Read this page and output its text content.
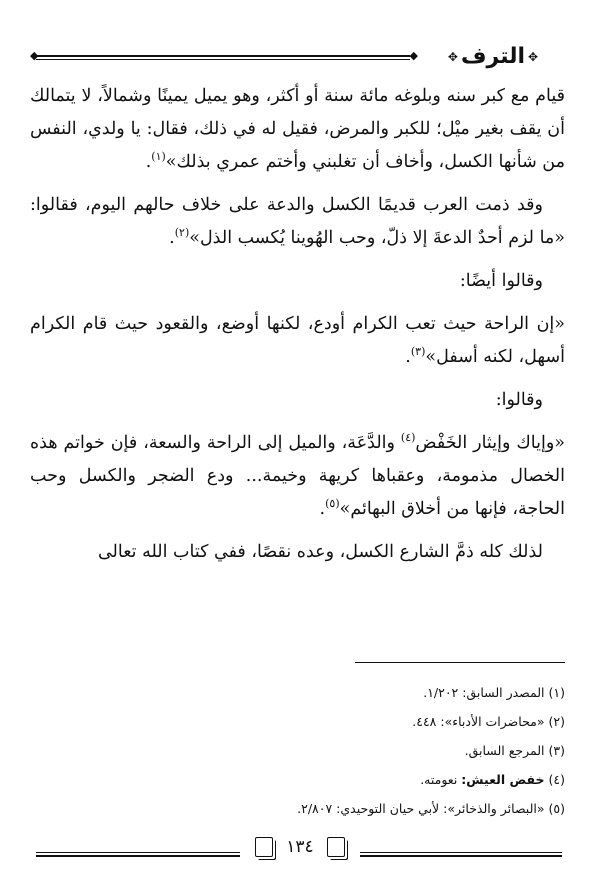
◆	◆	✥الترف✥

قيام مع كبر سنه وبلوغه مائة سنة أو أكثر، وهو يميل يمينًا وشمالاً، لا يتمالك أن يقف بغير ميْل؛ للكبر والمرض، فقيل له في ذلك، فقال: يا ولدي، النفس من شأنها الكسل، وأخاف أن تغلبني وأختم عمري بذلك»$^{(١)}$.

وقد ذمت العرب قديمًا الكسل والدعة على خلاف حالهم اليوم، فقالوا: «ما لزم أحدٌ الدعةَ إلا ذلّ، وحب الهُوينا يُكسب الذل»$^{(٢)}$.

وقالوا أيضًا:

«إن الراحة حيث تعب الكرام أودع، لكنها أوضع، والقعود حيث قام الكرام أسهل، لكنه أسفل»$^{(٣)}$.

وقالوا:

«وإياك وإيثار الخَفْض$^{(٤)}$ والدَّعَة، والميل إلى الراحة والسعة، فإن خواتم هذه الخصال مذمومة، وعقباها كريهة وخيمة... ودع الضجر والكسل وحب الحاجة، فإنها من أخلاق البهائم»$^{(٥)}$.

لذلك كله ذمَّ الشارع الكسل، وعده نقصًا، ففي كتاب الله تعالى

(١) المصدر السابق: ١/٢٠٢.

(٢) «محاضرات الأدباء»: ٤٤٨.

(٣) المرجع السابق.

(٤) خفض العيش: نعومته.

(٥) «البصائر والذخائر»: لأبي حيان التوحيدي: ٢/٨٠٧.

١٣٤
